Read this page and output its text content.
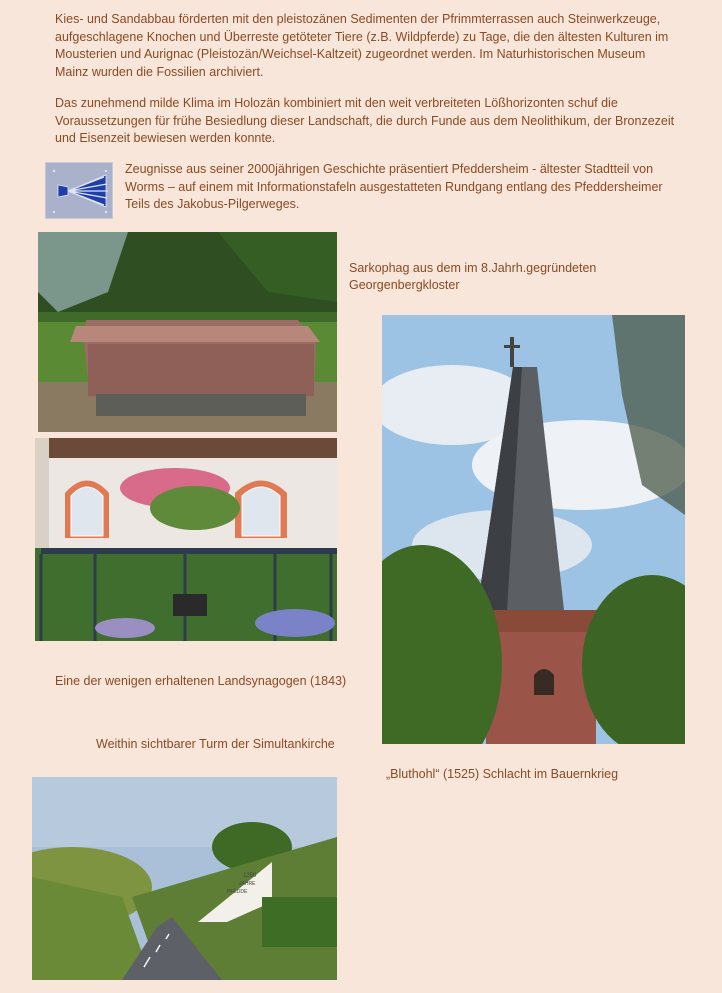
Kies- und Sandabbau förderten mit den pleistozänen Sedimenten der Pfrimmterrassen auch Steinwerkzeuge, aufgeschlagene Knochen und Überreste getöteter Tiere (z.B. Wildpferde) zu Tage, die den ältesten Kulturen im Mousterien und Aurignac (Pleistozän/Weichsel-Kaltzeit) zugeordnet werden. Im Naturhistorischen Museum Mainz wurden die Fossilien archiviert.

Das zunehmend milde Klima im Holozän kombiniert mit den weit verbreiteten Lößhorizonten schuf die Voraussetzungen für frühe Besiedlung dieser Landschaft, die durch Funde aus dem Neolithikum, der Bronzezeit und Eisenzeit bewiesen werden konnte.

Zeugnisse aus seiner 2000jährigen Geschichte präsentiert Pfeddersheim - ältester Stadtteil von Worms – auf einem mit Informationstafeln ausgestatteten Rundgang entlang des Pfeddersheimer Teils des Jakobus-Pilgerweges.

Sarkophag aus dem im 8.Jahrh.gegründeten Georgenbergkloster
Eine der wenigen erhaltenen Landsynagogen (1843)
Weithin sichtbarer Turm der Simultankirche
„Bluthohl“ (1525) Schlacht im Bauernkrieg
1250
JAHRE
PFEDDE
